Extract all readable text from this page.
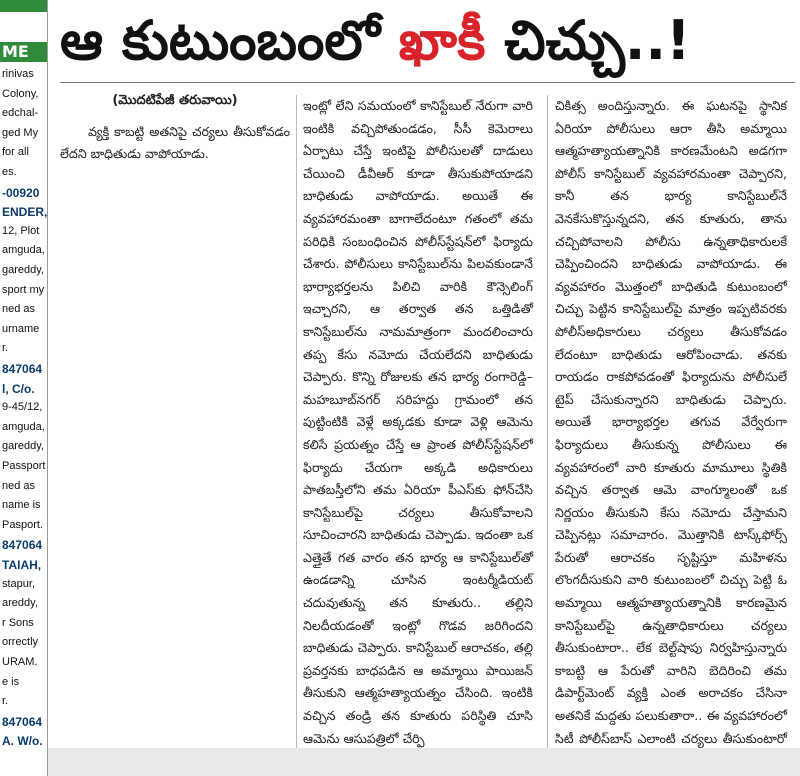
ME
rinivas
Colony,
edchal-
ged My
for all
es.
-00920
ENDER,
12, Plot
amguda,
gareddy,
sport my
ned as
urname
r.
847064
l, C/o.
9-45/12,
amguda,
gareddy,
Passport
ned as
name is
Pasport.
847064
TAIAH,
stapur,
areddy,
r Sons
orrectly
URAM.
e is
r.
847064
A. W/o.
ఆ కుటుంబంలో ఖాకీ చిచ్చు..!
(మొదటిపేజీ తరువాయి)

వ్యక్తి కాబట్టి అతనిపై చర్యలు తీసుకోవడం లేదని బాధితుడు వాపోయాడు.

ఇంట్లో లేని సమయంలో కానిస్టేబుల్ నేరుగా వారి ఇంటికి వచ్చిపోతుండడం, సీసీ కెమెరాలు ఏర్పాటు చేస్తే ఇంటిపై పోలీసులతో దాడులు చేయించి డీవీఆర్ కూడా తీసుకుపోయాడని బాధితుడు వాపోయాడు. అయితే ఈ వ్యవహారమంతా బాగాలేదంటూ గతంలో తమ పరిధికి సంబంధించిన పోలీస్‌స్టేషన్‌లో ఫిర్యాదు చేశారు. పోలీసులు కానిస్టేబుల్‌ను పిలవకుండానే భార్యాభర్తలను పిలిచి వారికి కౌన్సెలింగ్ ఇచ్చారని, ఆ తర్వాత తన ఒత్తిడితో కానిస్టేబుల్‌ను నామమాత్రంగా మందలించారు తప్ప కేసు నమోదు చేయలేదని బాధితుడు చెప్పారు. కొన్ని రోజులకు తన భార్య రంగారెడ్డి–మహబూబ్‌నగర్ సరిహద్దు గ్రామంలో తన పుట్టింటికి వెళ్లే అక్కడకు కూడా వెళ్లి ఆమెను కలిసే ప్రయత్నం చేస్తే ఆ ప్రాంత పోలీస్‌స్టేషన్‌లో ఫిర్యాదు చేయగా అక్కడి అధికారులు పాతబస్తీలోని తమ ఏరియా పీఎస్‌కు ఫోన్‌చేసి కానిస్టేబుల్‌పై చర్యలు తీసుకోవాలని సూచించారని బాధితుడు చెప్పాడు. ఇదంతా ఒక ఎత్తైతే గత వారం తన భార్య ఆ కానిస్టేబుల్‌తో ఉండడాన్ని చూసిన ఇంటర్మీడియట్ చదువుతున్న తన కూతురు.. తల్లిని నిలదీయడంతో ఇంట్లో గొడవ జరిగిందని బాధితుడు చెప్పారు. కానిస్టేబుల్ ఆరాచకం, తల్లి ప్రవర్తనకు బాధపడిన ఆ అమ్మాయి పాయిజన్ తీసుకుని ఆత్మహత్యాయత్నం చేసింది. ఇంటికి వచ్చిన తండ్రి తన కూతురు పరిస్థితి చూసి ఆమెను ఆసుపత్రిలో చేర్పి

చికిత్స అందిస్తున్నారు. ఈ ఘటనపై స్థానిక ఏరియా పోలీసులు ఆరా తీసి అమ్మాయి ఆత్మహత్యాయత్నానికి కారణమేంటని అడగగా పోలీస్ కానిస్టేబుల్ వ్యవహారమంతా చెప్పారని, కానీ తన భార్య కానిస్టేబుల్‌నే వెనకేసుకొస్తున్నదని, తన కూతురు, తాను చచ్చిపోవాలని పోలీసు ఉన్నతాధికారులకే చెప్పించిందని బాధితుడు వాపోయాడు. ఈ వ్యవహారం మొత్తంలో బాధితుడి కుటుంబంలో చిచ్చు పెట్టిన కానిస్టేబుల్‌పై మాత్రం ఇప్పటివరకు పోలీస్‌అధికారులు చర్యలు తీసుకోవడం లేదంటూ బాధితుడు ఆరోపించాడు. తనకు రాయడం రాకపోవడంతో ఫిర్యాదును పోలీసులే టైప్ చేసుకున్నారని బాధితుడు చెప్పారు. అయితే భార్యాభర్తల తగువ వేర్వేరుగా ఫిర్యాదులు తీసుకున్న పోలీసులు ఈ వ్యవహారంలో వారి కూతురు మామూలు స్థితికి వచ్చిన తర్వాత ఆమె వాంగ్మూలంతో ఒక నిర్ణయం తీసుకుని కేసు నమోదు చేస్తామని చెప్పినట్లు సమాచారం. మొత్తానికి టాస్క్‌ఫోర్స్ పేరుతో ఆరాచకం సృష్టిస్తూ మహిళను లొంగదీసుకుని వారి కుటుంబంలో చిచ్చు పెట్టి ఓ అమ్మాయి ఆత్మహత్యాయత్నానికి కారణమైన కానిస్టేబుల్‌పై ఉన్నతాధికారులు చర్యలు తీసుకుంటారా.. లేక బెల్ట్‌షాపు నిర్వహిస్తున్నారు కాబట్టి ఆ పేరుతో వారిని బెదిరించి తమ డిపార్ట్‌మెంట్ వ్యక్తి ఎంత అరాచకం చేసినా అతనికే మద్దతు పలుకుతారా.. ఈ వ్యవహారంలో సిటీ పోలీస్‌బాస్ ఎలాంటి చర్యలు తీసుకుంటారో
